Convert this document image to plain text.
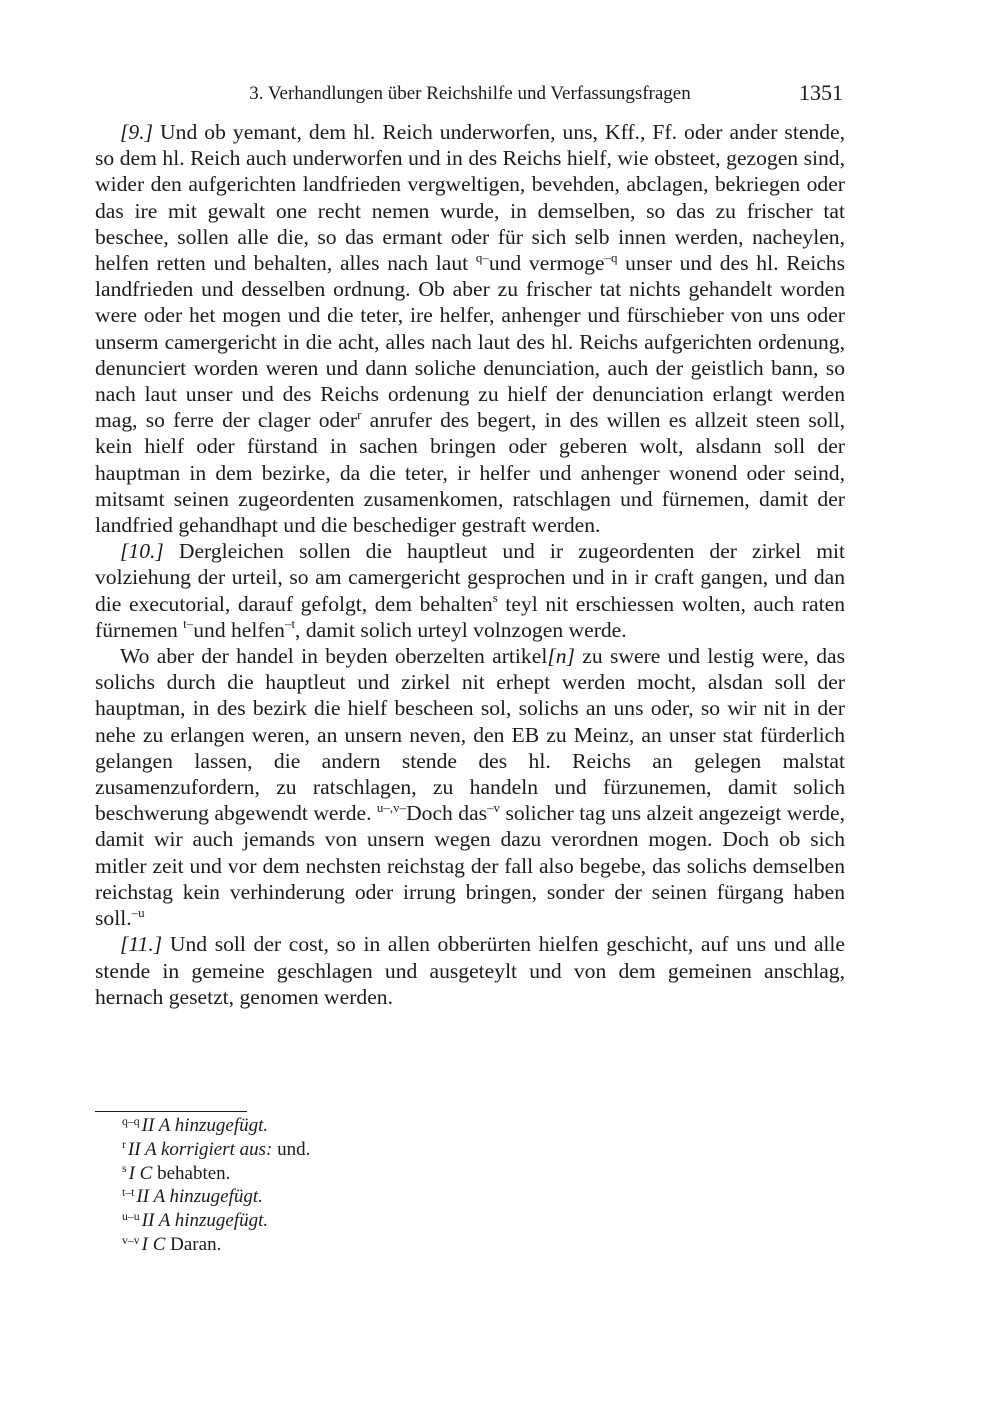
3. Verhandlungen über Reichshilfe und Verfassungsfragen	1351

[9.] Und ob yemant, dem hl. Reich underworfen, uns, Kff., Ff. oder ander stende, so dem hl. Reich auch underworfen und in des Reichs hielf, wie obsteet, gezogen sind, wider den aufgerichten landfrieden vergweltigen, bevehden, abclagen, bekriegen oder das ire mit gewalt one recht nemen wurde, in demselben, so das zu frischer tat beschee, sollen alle die, so das ermant oder für sich selb innen werden, nacheylen, helfen retten und behalten, alles nach laut $^{q-}$und vermoge$^{-q}$ unser und des hl. Reichs landfrieden und desselben ordnung. Ob aber zu frischer tat nichts gehandelt worden were oder het mogen und die teter, ire helfer, anhenger und fürschieber von uns oder unserm camergericht in die acht, alles nach laut des hl. Reichs aufgerichten ordenung, denunciert worden weren und dann soliche denunciation, auch der geistlich bann, so nach laut unser und des Reichs ordenung zu hielf der denunciation erlangt werden mag, so ferre der clager oder$^r$ anrufer des begert, in des willen es allzeit steen soll, kein hielf oder fürstand in sachen bringen oder geberen wolt, alsdann soll der hauptman in dem bezirke, da die teter, ir helfer und anhenger wonend oder seind, mitsamt seinen zugeordenten zusamenkomen, ratschlagen und fürnemen, damit der landfried gehandhapt und die beschediger gestraft werden.

[10.] Dergleichen sollen die hauptleut und ir zugeordenten der zirkel mit volziehung der urteil, so am camergericht gesprochen und in ir craft gangen, und dan die executorial, darauf gefolgt, dem behalten$^s$ teyl nit erschiessen wolten, auch raten fürnemen $^{t-}$und helfen$^{-t}$, damit solich urteyl volnzogen werde.

Wo aber der handel in beyden oberzelten artikel[n] zu swere und lestig were, das solichs durch die hauptleut und zirkel nit erhept werden mocht, alsdan soll der hauptman, in des bezirk die hielf bescheen sol, solichs an uns oder, so wir nit in der nehe zu erlangen weren, an unsern neven, den EB zu Meinz, an unser stat fürderlich gelangen lassen, die andern stende des hl. Reichs an gelegen malstat zusamenzufordern, zu ratschlagen, zu handeln und fürzunemen, damit solich beschwerung abgewendt werde. $^{u-,v-}$Doch das$^{-v}$ solicher tag uns alzeit angezeigt werde, damit wir auch jemands von unsern wegen dazu verordnen mogen. Doch ob sich mitler zeit und vor dem nechsten reichstag der fall also begebe, das solichs demselben reichstag kein verhinderung oder irrung bringen, sonder der seinen fürgang haben soll.$^{-u}$

[11.] Und soll der cost, so in allen obberürten hielfen geschicht, auf uns und alle stende in gemeine geschlagen und ausgeteylt und von dem gemeinen anschlag, hernach gesetzt, genomen werden.

$^{q-q}$ II A hinzugefügt.
$^r$ II A korrigiert aus: und.
$^s$ I C behabten.
$^{t-t}$ II A hinzugefügt.
$^{u-u}$ II A hinzugefügt.
$^{v-v}$ I C Daran.
